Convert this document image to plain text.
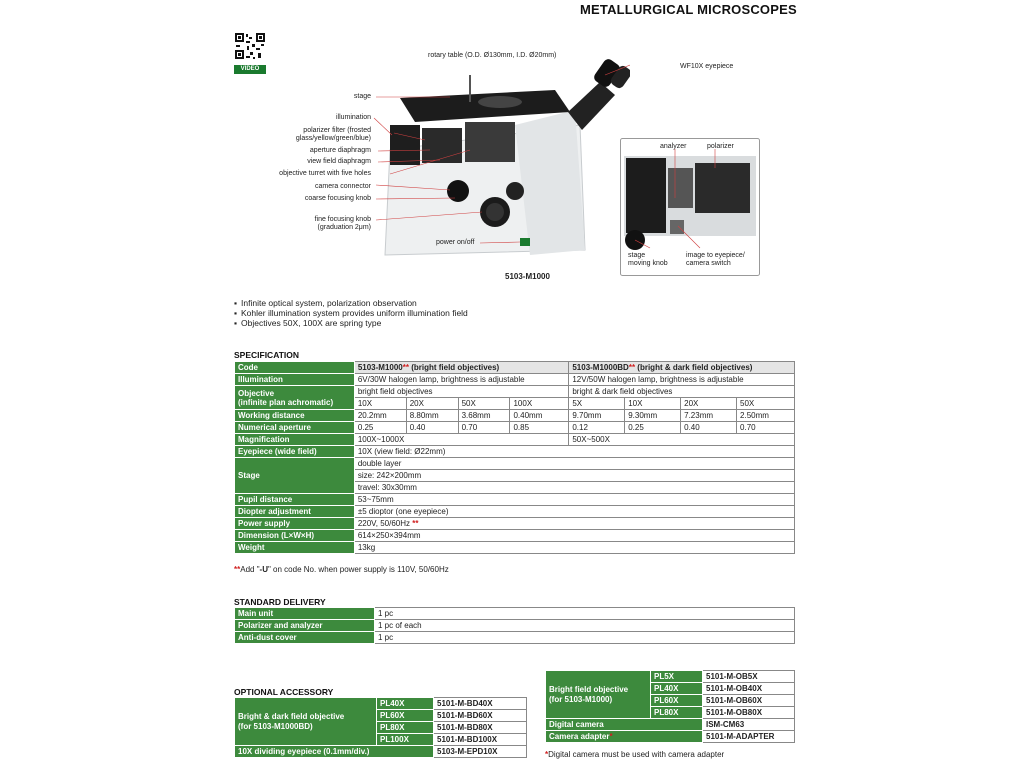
METALLURGICAL MICROSCOPES
VIDEO
rotary table (O.D. Ø130mm, I.D. Ø20mm)
WF10X eyepiece
stage
illumination
polarizer filter (frosted
glass/yellow/green/blue)
aperture diaphragm
view field diaphragm
objective turret with five holes
camera connector
coarse focusing knob
fine focusing knob
(graduation 2μm)
power on/off
5103-M1000
analyzer	polarizer
stage
moving knob
image to eyepiece/
camera switch
▪ Infinite optical system, polarization observation
▪ Kohler illumination system provides uniform illumination field
▪ Objectives 50X, 100X are spring type
SPECIFICATION
Code	5103-M1000** (bright field objectives)				5103-M1000BD** (bright & dark field objectives)			
Illumination	6V/30W halogen lamp, brightness is adjustable				12V/50W halogen lamp, brightness is adjustable			

Objective
(infinite plan achromatic)	bright field objectives				bright & dark field objectives			
	10X	20X	50X	100X	5X	10X	20X	50X
Working distance	20.2mm	8.80mm	3.68mm	0.40mm	9.70mm	9.30mm	7.23mm	2.50mm
Numerical aperture	0.25	0.40	0.70	0.85	0.12	0.25	0.40	0.70
Magnification	100X~1000X				50X~500X			
Eyepiece (wide field)	10X (view field: Ø22mm)							
Stage	double layer							
	size: 242×200mm							
	travel: 30x30mm							
Pupil distance	53~75mm							
Diopter adjustment	±5 dioptor (one eyepiece)							
Power supply	220V, 50/60Hz **							
Dimension (L×W×H)	614×250×394mm							
Weight	13kg							
**Add "-U" on code No. when power supply is 110V, 50/60Hz
STANDARD DELIVERY
Main unit	1 pc
Polarizer and analyzer	1 pc of each
Anti-dust cover	1 pc
OPTIONAL ACCESSORY
Bright & dark field objective
(for 5103-M1000BD)	PL40X	5101-M-BD40X
	PL60X	5101-M-BD60X
	PL80X	5101-M-BD80X
	PL100X	5101-M-BD100X
10X dividing eyepiece (0.1mm/div.)		5103-M-EPD10X
Bright field objective
(for 5103-M1000)	PL5X	5101-M-OB5X
	PL40X	5101-M-OB40X
	PL60X	5101-M-OB60X
	PL80X	5101-M-OB80X
Digital camera		ISM-CM63
Camera adapter*		5101-M-ADAPTER
*Digital camera must be used with camera adapter
